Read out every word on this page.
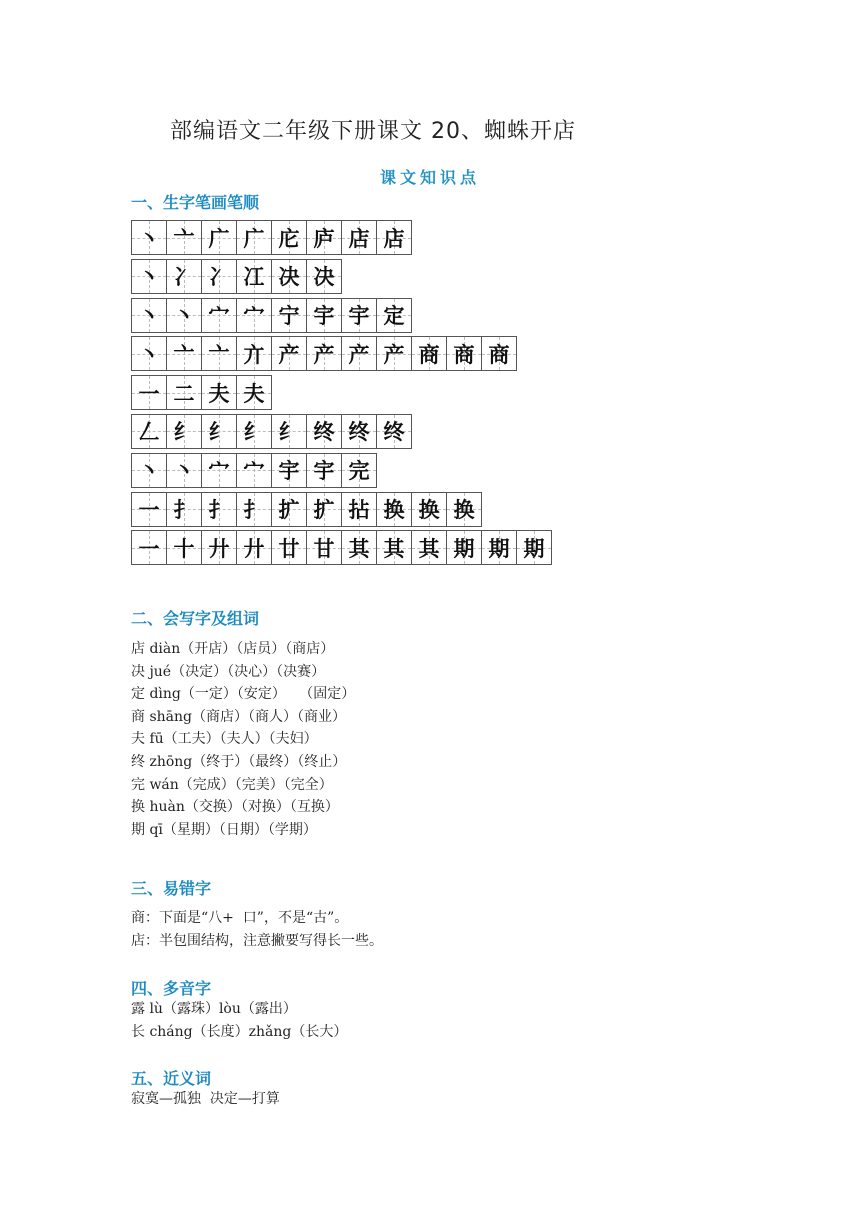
部编语文二年级下册课文 20、蜘蛛开店
课文知识点
一、生字笔画笔顺
丶 亠 广 广 庀 庐 店 店
丶 冫 冫 冮 决 决
丶 丶 宀 宀 宁 宇 宇 定
丶 亠 亠 亣 产 产 产 产 商 商 商
一 二 夫 夫
𠃋 纟 纟 纟 纟 终 终 终
丶 丶 宀 宀 宇 宇 完
一 扌 扌 扌 扩 扩 拈 换 换 换
一 十 廾 廾 廿 甘 其 其 其 期 期 期
二、会写字及组词
店 diàn（开店）（店员）（商店）
决 jué（决定）（决心）（决赛）
定 dìng（一定）（安定）   （固定）
商 shāng（商店）（商人）（商业）
夫 fū（工夫）（夫人）（夫妇）
终 zhōng（终于）（最终）（终止）
完 wán（完成）（完美）（完全）
换 huàn（交换）（对换）（互换）
期 qī（星期）（日期）（学期）
三、易错字
商：下面是“八+  口”，不是“古”。
店：半包围结构，注意撇要写得长一些。
四、多音字
露 lù（露珠）lòu（露出）
长 cháng（长度）zhǎng（长大）
五、近义词
寂寞—孤独  决定—打算
